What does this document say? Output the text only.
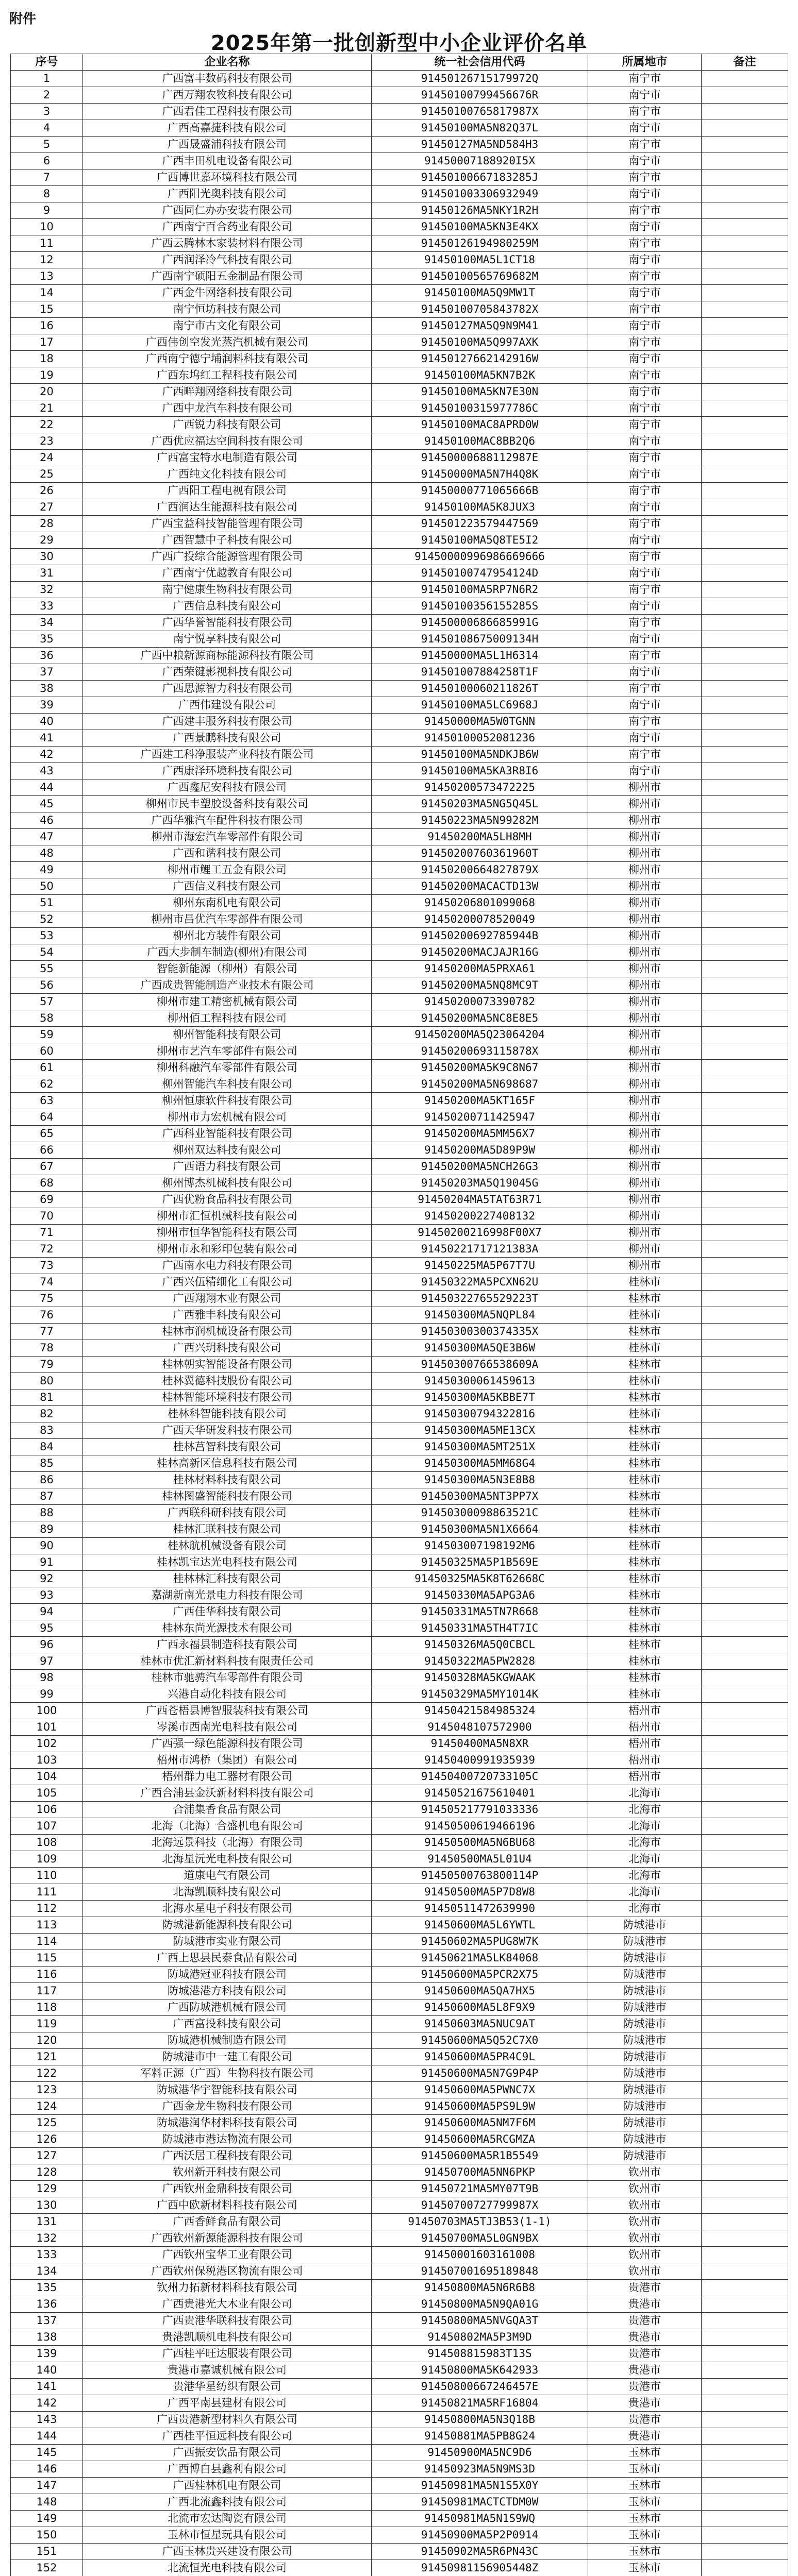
附件
2025年第一批创新型中小企业评价名单
序号	企业名称	统一社会信用代码	所属地市	备注
1	广西富丰数码科技有限公司	91450126715179972Q	南宁市	
2	广西万翔农牧科技有限公司	91450100799456676R	南宁市	
3	广西君佳工程科技有限公司	91450100765817987X	南宁市	
4	广西高嘉捷科技有限公司	91450100MA5N82Q37L	南宁市	
5	广西晟盛浦科技有限公司	91450127MA5ND584H3	南宁市	
6	广西丰田机电设备有限公司	91450007188920I5X	南宁市	
7	广西博世嘉环境科技有限公司	91450100667183285J	南宁市	
8	广西阳光奥科技有限公司	914501003306932949	南宁市	
9	广西同仁办办安装有限公司	91450126MA5NKY1R2H	南宁市	
10	广西南宁百合药业有限公司	91450100MA5KN3E4KX	南宁市	
11	广西云腾林木家装材料有限公司	91450126194980259M	南宁市	
12	广西润泽冷气科技有限公司	91450100MA5L1CT18	南宁市	
13	广西南宁硕阳五金制品有限公司	91450100565769682M	南宁市	
14	广西金牛网络科技有限公司	91450100MA5Q9MW1T	南宁市	
15	南宁恒坊科技有限公司	91450100705843782X	南宁市	
16	南宁市古文化有限公司	91450127MA5Q9N9M41	南宁市	
17	广西伟创空发光蒸汽机械有限公司	91450100MA5Q997AXK	南宁市	
18	广西南宁德宁埔润料科技有限公司	91450127662142916W	南宁市	
19	广西东坞红工程科技有限公司	91450100MA5KN7B2K	南宁市	
20	广西畔翔网络科技有限公司	91450100MA5KN7E30N	南宁市	
21	广西中龙汽车科技有限公司	91450100315977786C	南宁市	
22	广西锐力科技有限公司	91450100MAC8APRD0W	南宁市	
23	广西优应福达空间科技有限公司	91450100MAC8BB2Q6	南宁市	
24	广西富宝特水电制造有限公司	91450000688112987E	南宁市	
25	广西纯文化科技有限公司	91450000MA5N7H4Q8K	南宁市	
26	广西阳工程电视有限公司	91450000771065666B	南宁市	
27	广西润达生能源科技有限公司	91450100MA5K8JUX3	南宁市	
28	广西宝益科技智能管理有限公司	914501223579447569	南宁市	
29	广西智慧中子科技有限公司	91450100MA5Q8TE5I2	南宁市	
30	广西广投综合能源管理有限公司	91450000996986669666	南宁市	
31	广西南宁优越教育有限公司	91450100747954124D	南宁市	
32	南宁健康生物科技有限公司	91450100MA5RP7N6R2	南宁市	
33	广西信息科技有限公司	91450100356155285S	南宁市	
34	广西华誉智能科技有限公司	91450000686685991G	南宁市	
35	南宁悦享科技有限公司	91450108675009134H	南宁市	
36	广西中粮新源商标能源科技有限公司	91450000MA5L1H6314	南宁市	
37	广西荣键影视科技有限公司	914501007884258T1F	南宁市	
38	广西思源智力科技有限公司	91450100060211826T	南宁市	
39	广西伟建设有限公司	91450100MA5LC6968J	南宁市	
40	广西建丰服务科技有限公司	91450000MA5W0TGNN	南宁市	
41	广西景鹏科技有限公司	91450100052081236	南宁市	
42	广西建工科净服装产业科技有限公司	91450100MA5NDKJB6W	南宁市	
43	广西康泽环境科技有限公司	91450100MA5KA3R8I6	南宁市	
44	广西鑫尼安科技有限公司	91450200573472225	柳州市	
45	柳州市民丰塑胶设备科技有限公司	91450203MA5NG5Q45L	柳州市	
46	广西华雅汽车配件科技有限公司	91450223MA5N99282M	柳州市	
47	柳州市海宏汽车零部件有限公司	91450200MA5LH8MH	柳州市	
48	广西和谐科技有限公司	91450200760361960T	柳州市	
49	柳州市鲤工五金有限公司	91450200664827879X	柳州市	
50	广西信义科技有限公司	91450200MACACTD13W	柳州市	
51	柳州东南机电有限公司	91450206801099068	柳州市	
52	柳州市昌优汽车零部件有限公司	91450200078520049	柳州市	
53	柳州北方装件有限公司	91450200692785944B	柳州市	
54	广西大步制车制造(柳州)有限公司	91450200MACJAJR16G	柳州市	
55	智能新能源（柳州）有限公司	91450200MA5PRXA61	柳州市	
56	广西成贵智能制造产业技术有限公司	91450200MA5NQ8MC9T	柳州市	
57	柳州市建工精密机械有限公司	91450200073390782	柳州市	
58	柳州佰工程科技有限公司	91450200MA5NC8E8E5	柳州市	
59	柳州智能科技有限公司	91450200MA5Q23064204	柳州市	
60	柳州市艺汽车零部件有限公司	91450200693115878X	柳州市	
61	柳州科融汽车零部件有限公司	91450200MA5K9C8N67	柳州市	
62	柳州智能汽车科技有限公司	91450200MA5N698687	柳州市	
63	柳州恒康软件科技有限公司	91450200MA5KT165F	柳州市	
64	柳州市力宏机械有限公司	91450200711425947	柳州市	
65	广西科业智能科技有限公司	91450200MA5MM56X7	柳州市	
66	柳州双达科技有限公司	91450200MA5D89P9W	柳州市	
67	广西语力科技有限公司	91450200MA5NCH26G3	柳州市	
68	柳州博杰机械科技有限公司	91450203MA5Q19045G	柳州市	
69	广西优粉食品科技有限公司	91450204MA5TAT63R71	柳州市	
70	柳州市汇恒机械科技有限公司	91450200227408132	柳州市	
71	柳州市恒华智能科技有限公司	91450200216998F00X7	柳州市	
72	柳州市永和彩印包装有限公司	91450221717121383A	柳州市	
73	广西南水电力科技有限公司	91450225MA5P67T7U	柳州市	
74	广西兴伍精细化工有限公司	91450322MA5PCXN62U	桂林市	
75	广西翔翔木业有限公司	91450322765529223T	桂林市	
76	广西雅丰科技有限公司	91450300MA5NQPL84	桂林市	
77	桂林市润机械设备有限公司	91450300300374335X	桂林市	
78	广西兴玥科技有限公司	91450300MA5QE3B6W	桂林市	
79	桂林朝实智能设备有限公司	91450300766538609A	桂林市	
80	桂林翼德科技股份有限公司	91450300061459613	桂林市	
81	桂林智能环境科技有限公司	91450300MA5KBBE7T	桂林市	
82	桂林科智能科技有限公司	91450300794322816	桂林市	
83	广西天华研发科技有限公司	91450300MA5ME13CX	桂林市	
84	桂林莒智科技有限公司	91450300MA5MT251X	桂林市	
85	桂林高新区信息科技有限公司	91450300MA5MM68G4	桂林市	
86	桂林材料科技有限公司	91450300MA5N3E8B8	桂林市	
87	桂林图盛智能科技有限公司	91450300MA5NT3PP7X	桂林市	
88	广西联科研科技有限公司	91450300098863521C	桂林市	
89	桂林汇联科技有限公司	91450300MA5N1X6664	桂林市	
90	桂林航机械设备有限公司	914503007198192M6	桂林市	
91	桂林凯宝达光电科技有限公司	91450325MA5P1B569E	桂林市	
92	桂林林汇科技有限公司	91450325MA5K8T62668C	桂林市	
93	嘉湖新南光景电力科技有限公司	91450330MA5APG3A6	桂林市	
94	广西佳华科技有限公司	91450331MA5TN7R668	桂林市	
95	桂林东尚光源技术有限公司	91450331MA5TH4T7IC	桂林市	
96	广西永福县制造科技有限公司	91450326MA5Q0CBCL	桂林市	
97	桂林市优汇新材料科技有限责任公司	91450322MA5PW2828	桂林市	
98	桂林市驰骋汽车零部件有限公司	91450328MA5KGWAAK	桂林市	
99	兴港自动化科技有限公司	91450329MA5MY1014K	桂林市	
100	广西苍梧县博智服装科技有限公司	91450421584985324	梧州市	
101	岑溪市西南光电科技有限公司	9145048107572900	梧州市	
102	广西强一绿色能源科技有限公司	91450400MA5N8XR	梧州市	
103	梧州市鸿桥（集团）有限公司	91450400991935939	梧州市	
104	梧州群力电工器材有限公司	91450400720733105C	梧州市	
105	广西合浦县金沃新材料科技有限公司	91450521675610401	北海市	
106	合浦集香食品有限公司	914505217791033336	北海市	
107	北海（北海）合盛机电有限公司	91450500619466196	北海市	
108	北海远景科技（北海）有限公司	91450500MA5N6BU68	北海市	
109	北海星沅光电科技有限公司	91450500MA5L01U4	北海市	
110	道康电气有限公司	91450500763800114P	北海市	
111	北海凯顺科技有限公司	91450500MA5P7D8W8	北海市	
112	北海水星电子科技有限公司	91450511472639990	北海市	
113	防城港新能源科技有限公司	91450600MA5L6YWTL	防城港市	
114	防城港市实业有限公司	91450602MA5PUG8W7K	防城港市	
115	广西上思县民泰食品有限公司	91450621MA5LK84068	防城港市	
116	防城港冠亚科技有限公司	91450600MA5PCR2X75	防城港市	
117	防城港港方科技有限公司	91450600MA5QA7HX5	防城港市	
118	广西防城港机械有限公司	91450600MA5L8F9X9	防城港市	
119	广西富投科技有限公司	91450603MA5NUC9AT	防城港市	
120	防城港机械制造有限公司	91450600MA5Q52C7X0	防城港市	
121	防城港市中一建工有限公司	91450600MA5PR4C9L	防城港市	
122	军料正源（广西）生物科技有限公司	91450600MA5N7G9P4P	防城港市	
123	防城港华宇智能科技有限公司	91450600MA5PWNC7X	防城港市	
124	广西金龙生物科技有限公司	91450600MA5PS9L9W	防城港市	
125	防城港润华材料科技有限公司	91450600MA5NM7F6M	防城港市	
126	防城港市港达物流有限公司	91450600MA5RCGMZA	防城港市	
127	广西沃居工程科技有限公司	91450600MA5R1B5549	防城港市	
128	钦州新开科技有限公司	91450700MA5NN6PKP	钦州市	
129	广西钦州金鼎科技有限公司	91450721MA5MY07T9B	钦州市	
130	广西中欧新材料科技有限公司	91450700727799987X	钦州市	
131	广西香鲜食品有限公司	91450703MA5TJ3B53(1-1)	钦州市	
132	广西钦州新源能源科技有限公司	91450700MA5L0GN9BX	钦州市	
133	广西钦州宝华工业有限公司	91450001603161008	钦州市	
134	广西钦州保税港区物流有限公司	914507001695189848	钦州市	
135	钦州力拓新材料科技有限公司	91450800MA5N6R6B8	贵港市	
136	广西贵港光大木业有限公司	91450800MA5N9QA01G	贵港市	
137	广西贵港华联科技有限公司	91450800MA5NVGQA3T	贵港市	
138	贵港凯顺机电科技有限公司	91450802MA5P3M9D	贵港市	
139	广西桂平旺达服装有限公司	914508815983T13S	贵港市	
140	贵港市嘉诚机械有限公司	91450800MA5K642933	贵港市	
141	贵港华星纺织有限公司	91450800667246457E	贵港市	
142	广西平南县建材有限公司	91450821MA5RF16804	贵港市	
143	广西贵港新型材料久有限公司	91450800MA5N3Q18B	贵港市	
144	广西桂平恒远科技有限公司	91450881MA5PB8G24	贵港市	
145	广西振安饮品有限公司	91450900MA5NC9D6	玉林市	
146	广西博白县鑫利有限公司	91450923MA5N9MS3D	玉林市	
147	广西桂林机电有限公司	91450981MA5N1S5X0Y	玉林市	
148	广西北流鑫科技有限公司	91450981MACTCTDM0W	玉林市	
149	北流市宏达陶瓷有限公司	91450981MA5N1S9WQ	玉林市	
150	玉林市恒星玩具有限公司	91450900MA5P2P0914	玉林市	
151	广西玉林贵兴建设有限公司	91450902MA5R6PN43C	玉林市	
152	北流恒光电科技有限公司	91450981156905448Z	玉林市	
